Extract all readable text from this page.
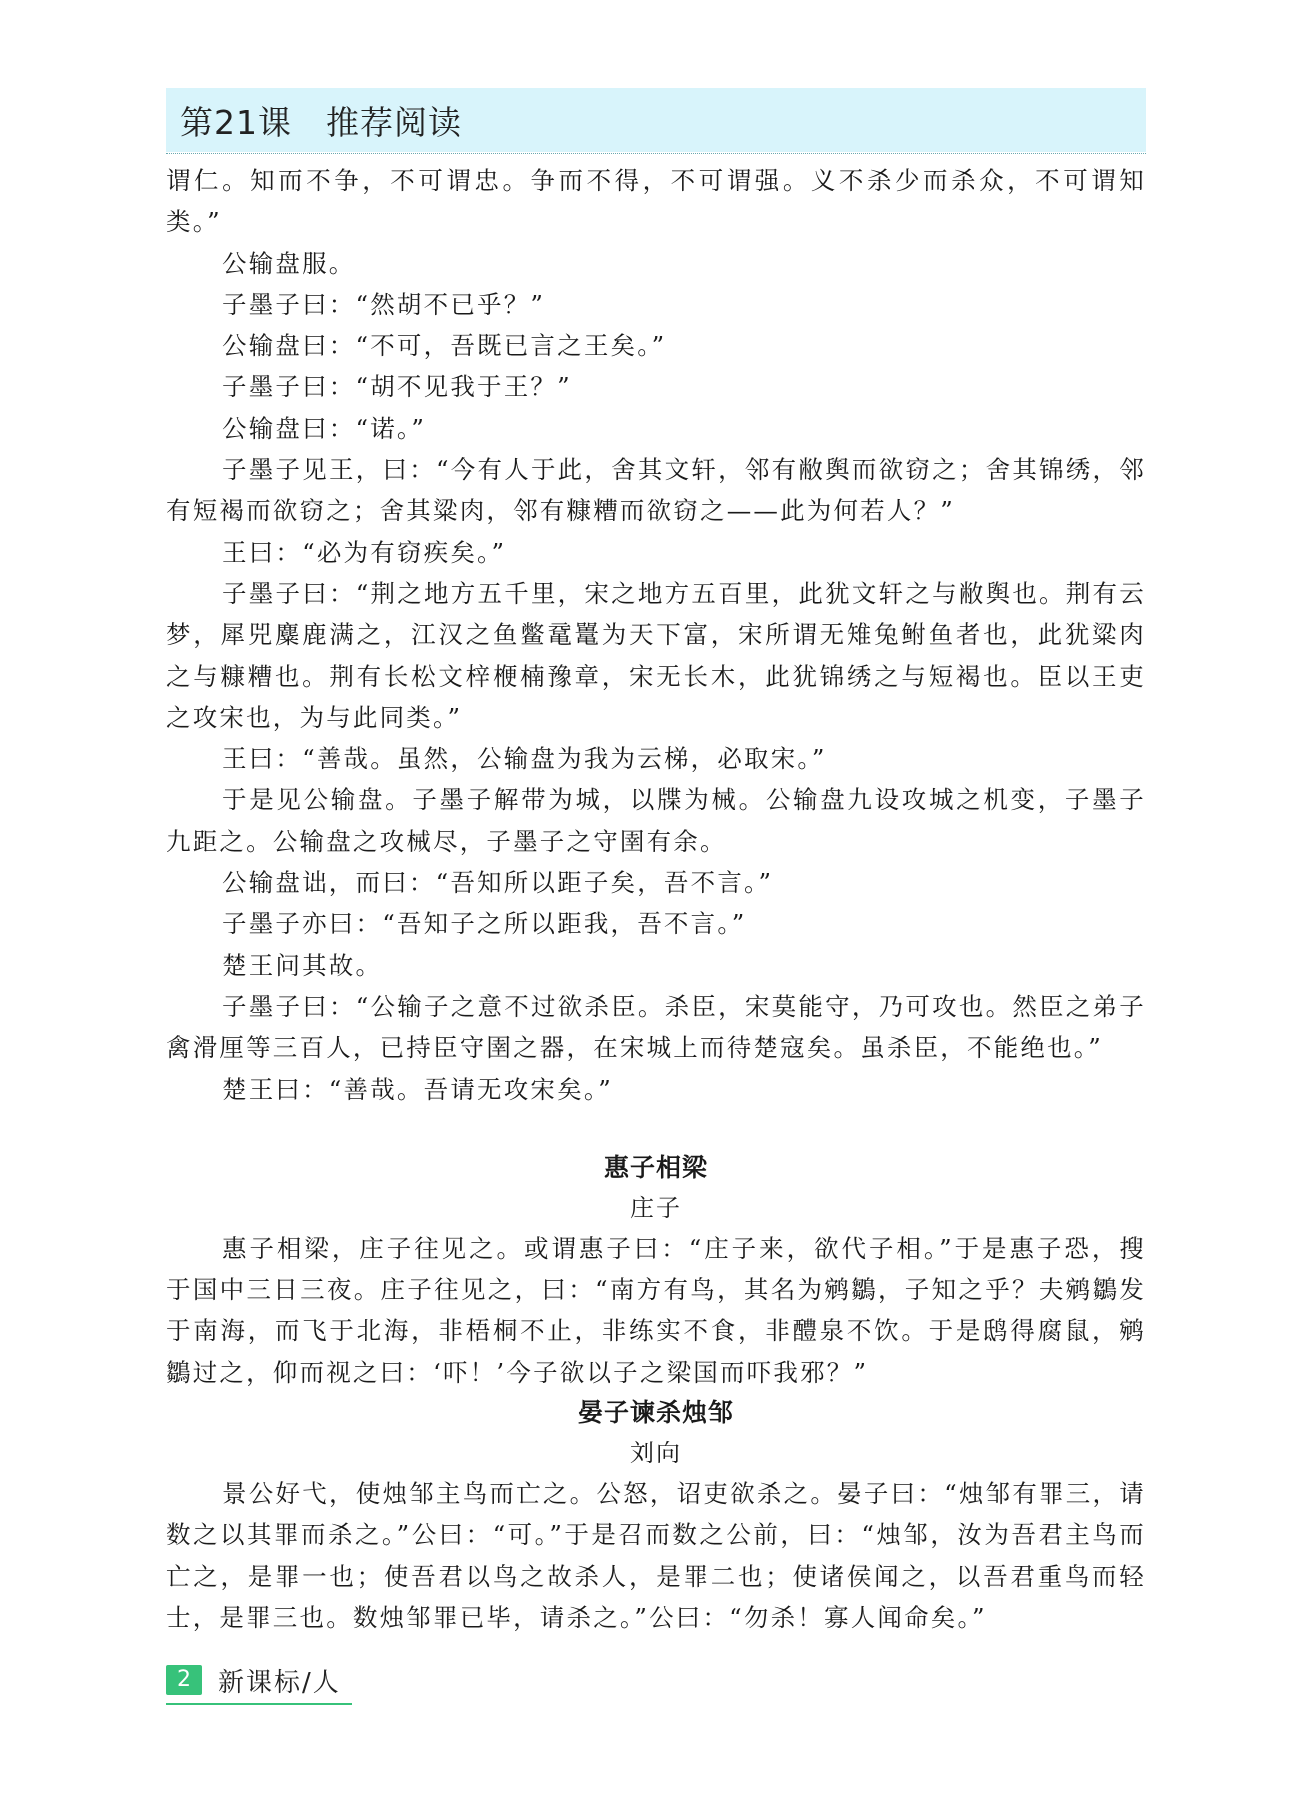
第21课 推荐阅读

谓仁。知而不争，不可谓忠。争而不得，不可谓强。义不杀少而杀众，不可谓知类。”

公输盘服。

子墨子曰：“然胡不已乎？”

公输盘曰：“不可，吾既已言之王矣。”

子墨子曰：“胡不见我于王？”

公输盘曰：“诺。”

子墨子见王，曰：“今有人于此，舍其文轩，邻有敝舆而欲窃之；舍其锦绣，邻有短褐而欲窃之；舍其粱肉，邻有糠糟而欲窃之——此为何若人？”

王曰：“必为有窃疾矣。”

子墨子曰：“荆之地方五千里，宋之地方五百里，此犹文轩之与敝舆也。荆有云梦，犀兕麋鹿满之，江汉之鱼鳖鼋鼍为天下富，宋所谓无雉兔鲋鱼者也，此犹粱肉之与糠糟也。荆有长松文梓楩楠豫章，宋无长木，此犹锦绣之与短褐也。臣以王吏之攻宋也，为与此同类。”

王曰：“善哉。虽然，公输盘为我为云梯，必取宋。”

于是见公输盘。子墨子解带为城，以牒为械。公输盘九设攻城之机变，子墨子九距之。公输盘之攻械尽，子墨子之守圉有余。

公输盘诎，而曰：“吾知所以距子矣，吾不言。”

子墨子亦曰：“吾知子之所以距我，吾不言。”

楚王问其故。

子墨子曰：“公输子之意不过欲杀臣。杀臣，宋莫能守，乃可攻也。然臣之弟子禽滑厘等三百人，已持臣守圉之器，在宋城上而待楚寇矣。虽杀臣，不能绝也。”

楚王曰：“善哉。吾请无攻宋矣。”

惠子相梁

庄子

惠子相梁，庄子往见之。或谓惠子曰：“庄子来，欲代子相。”于是惠子恐，搜于国中三日三夜。庄子往见之，曰：“南方有鸟，其名为鹓鶵，子知之乎？夫鹓鶵发于南海，而飞于北海，非梧桐不止，非练实不食，非醴泉不饮。于是鸱得腐鼠，鹓鶵过之，仰而视之曰：‘吓！’今子欲以子之梁国而吓我邪？”

晏子谏杀烛邹

刘向

景公好弋，使烛邹主鸟而亡之。公怒，诏吏欲杀之。晏子曰：“烛邹有罪三，请数之以其罪而杀之。”公曰：“可。”于是召而数之公前，曰：“烛邹，汝为吾君主鸟而亡之，是罪一也；使吾君以鸟之故杀人，是罪二也；使诸侯闻之，以吾君重鸟而轻士，是罪三也。数烛邹罪已毕，请杀之。”公曰：“勿杀！寡人闻命矣。”

2	新课标/人
